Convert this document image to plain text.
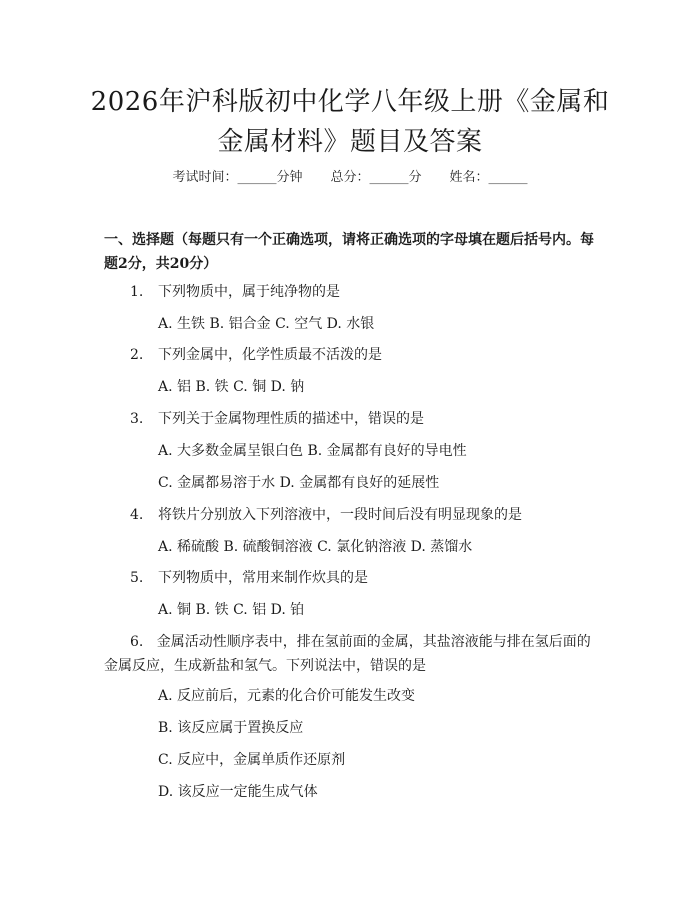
2026年沪科版初中化学八年级上册《金属和
金属材料》题目及答案
考试时间：______分钟 总分：______分 姓名：______
一、选择题（每题只有一个正确选项，请将正确选项的字母填在题后括号内。每题2分，共20分）
1. 下列物质中，属于纯净物的是
A. 生铁 B. 铝合金 C. 空气 D. 水银
2. 下列金属中，化学性质最不活泼的是
A. 铝 B. 铁 C. 铜 D. 钠
3. 下列关于金属物理性质的描述中，错误的是
A. 大多数金属呈银白色 B. 金属都有良好的导电性
C. 金属都易溶于水 D. 金属都有良好的延展性
4. 将铁片分别放入下列溶液中，一段时间后没有明显现象的是
A. 稀硫酸 B. 硫酸铜溶液 C. 氯化钠溶液 D. 蒸馏水
5. 下列物质中，常用来制作炊具的是
A. 铜 B. 铁 C. 铝 D. 铂
6. 金属活动性顺序表中，排在氢前面的金属，其盐溶液能与排在氢后面的金属反应，生成新盐和氢气。下列说法中，错误的是
A. 反应前后，元素的化合价可能发生改变
B. 该反应属于置换反应
C. 反应中，金属单质作还原剂
D. 该反应一定能生成气体
